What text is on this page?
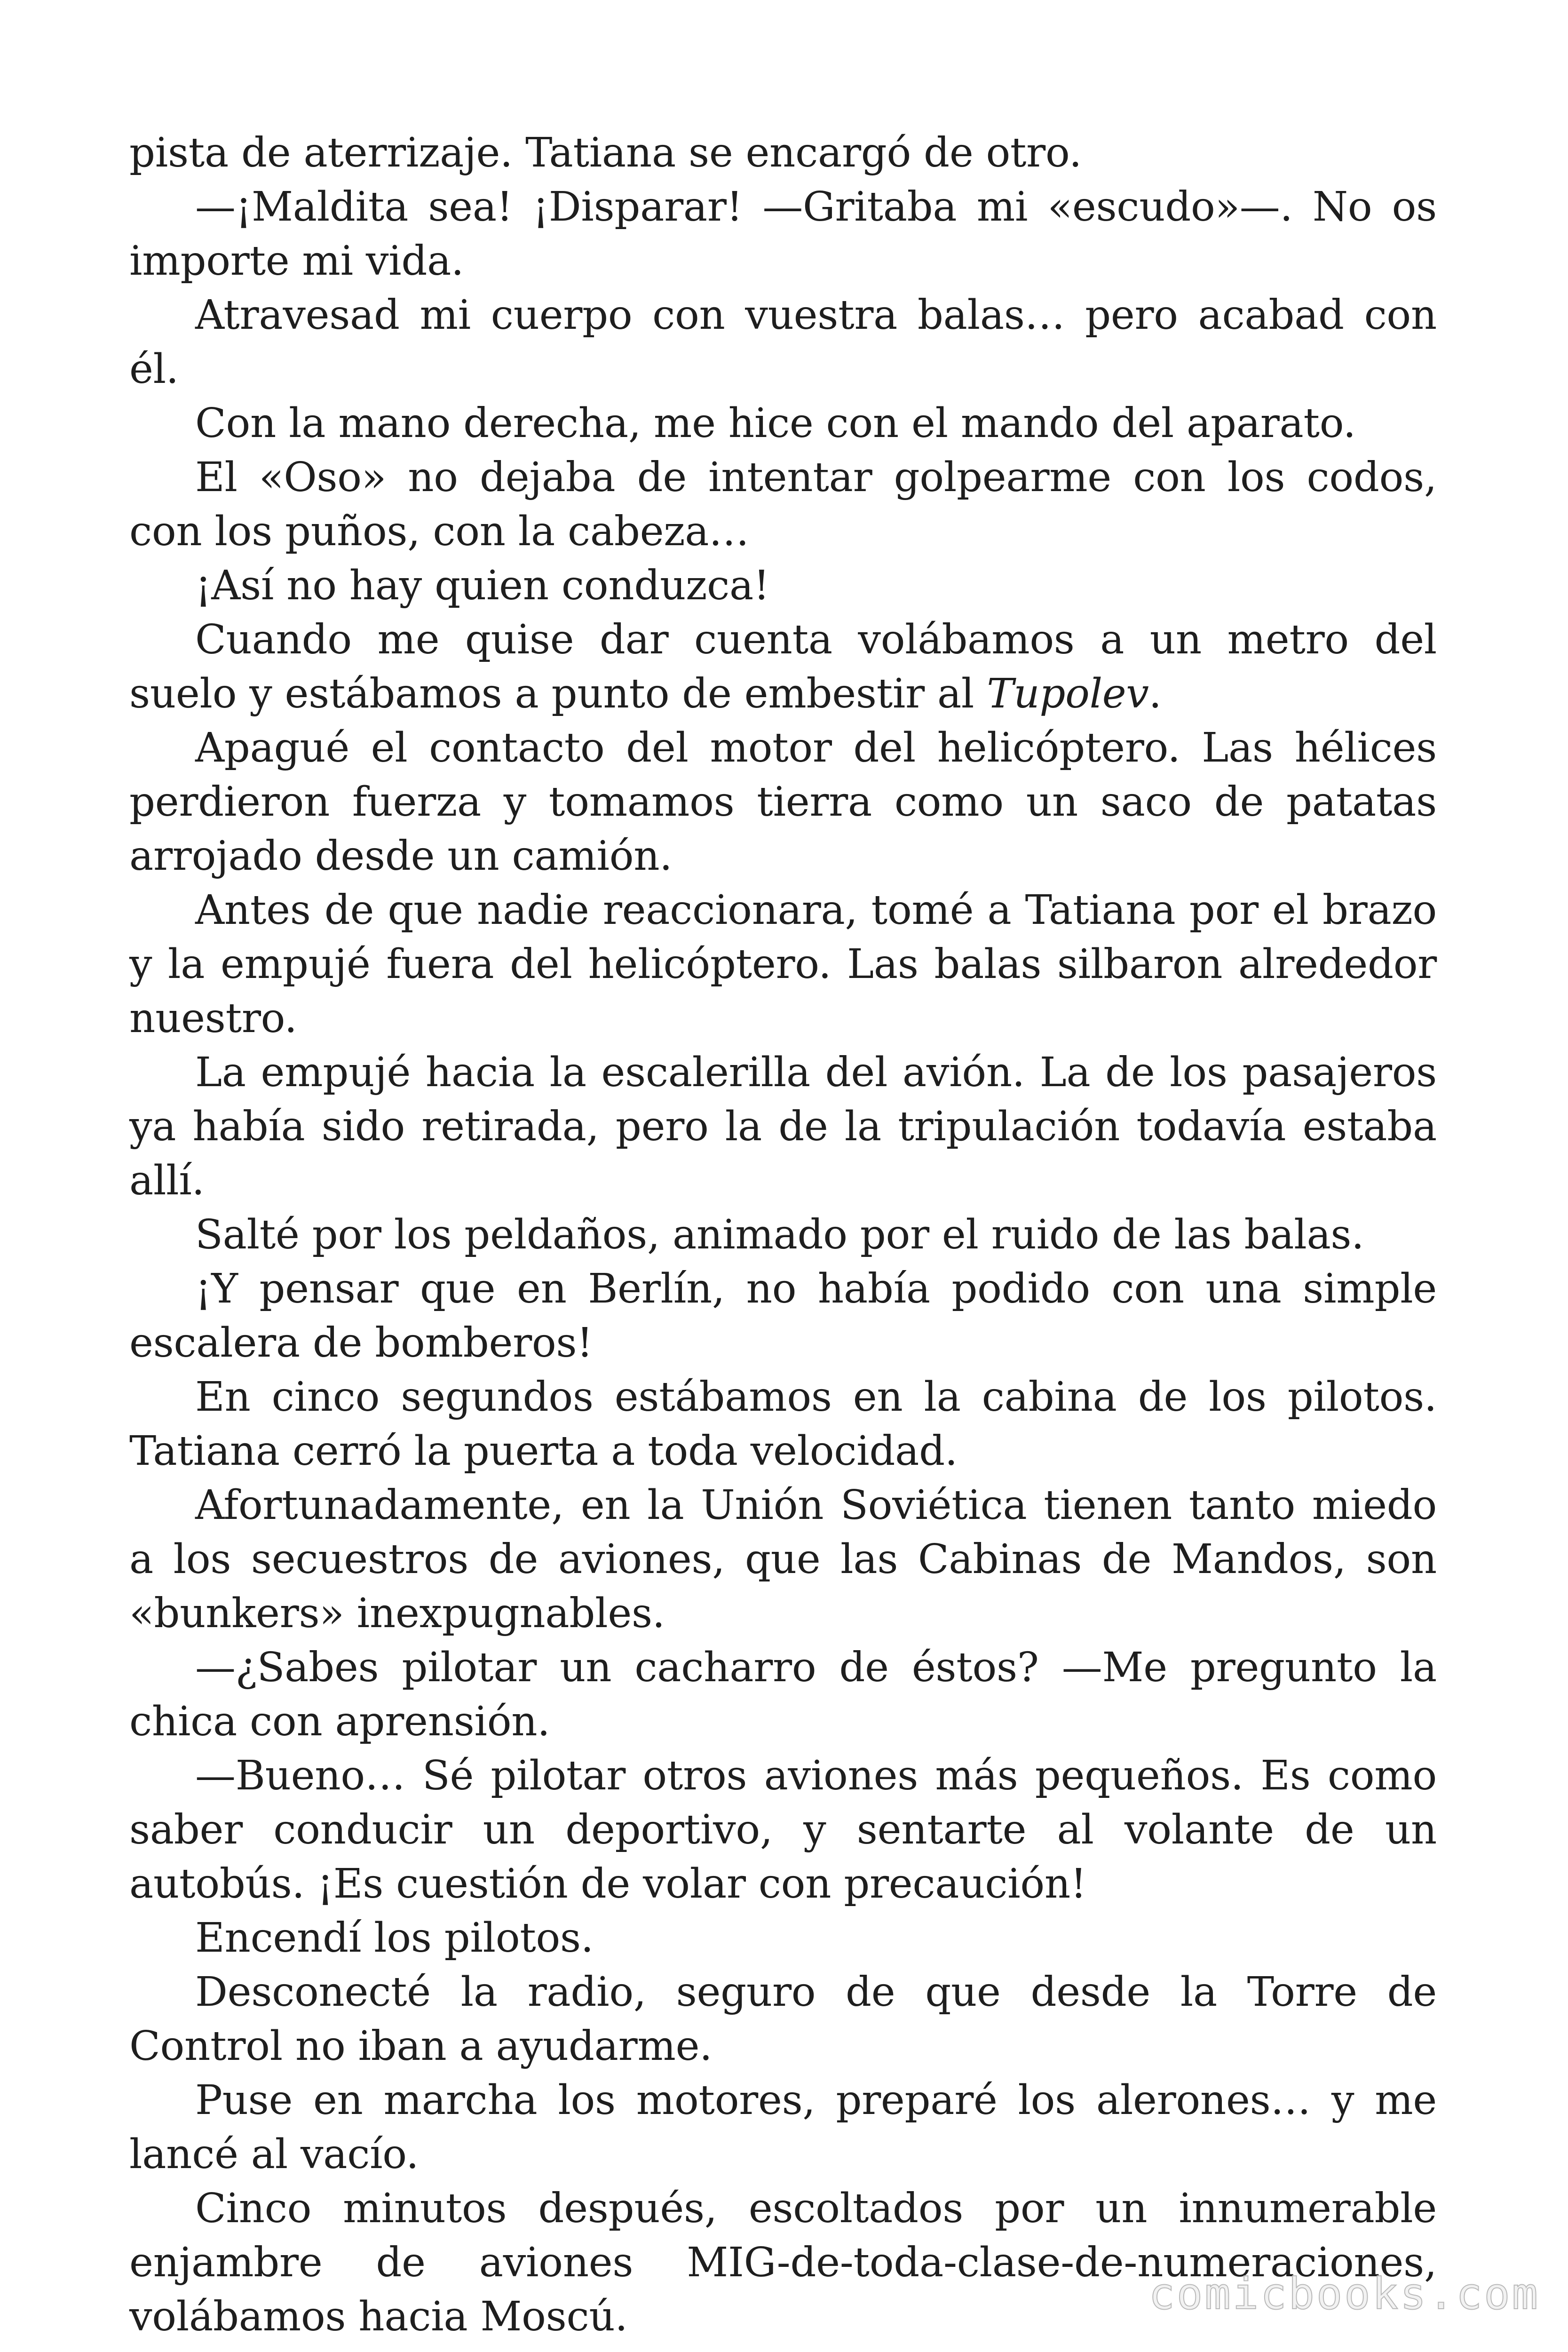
pista de aterrizaje. Tatiana se encargó de otro.

—¡Maldita sea! ¡Disparar! —Gritaba mi «escudo»—. No os importe mi vida.

Atravesad mi cuerpo con vuestra balas… pero acabad con él.

Con la mano derecha, me hice con el mando del aparato.

El «Oso» no dejaba de intentar golpearme con los codos, con los puños, con la cabeza…

¡Así no hay quien conduzca!

Cuando me quise dar cuenta volábamos a un metro del suelo y estábamos a punto de embestir al Tupolev.

Apagué el contacto del motor del helicóptero. Las hélices perdieron fuerza y tomamos tierra como un saco de patatas arrojado desde un camión.

Antes de que nadie reaccionara, tomé a Tatiana por el brazo y la empujé fuera del helicóptero. Las balas silbaron alrededor nuestro.

La empujé hacia la escalerilla del avión. La de los pasajeros ya había sido retirada, pero la de la tripulación todavía estaba allí.

Salté por los peldaños, animado por el ruido de las balas.

¡Y pensar que en Berlín, no había podido con una simple escalera de bomberos!

En cinco segundos estábamos en la cabina de los pilotos. Tatiana cerró la puerta a toda velocidad.

Afortunadamente, en la Unión Soviética tienen tanto miedo a los secuestros de aviones, que las Cabinas de Mandos, son «bunkers» inexpugnables.

—¿Sabes pilotar un cacharro de éstos? —Me pregunto la chica con aprensión.

—Bueno… Sé pilotar otros aviones más pequeños. Es como saber conducir un deportivo, y sentarte al volante de un autobús. ¡Es cuestión de volar con precaución!

Encendí los pilotos.

Desconecté la radio, seguro de que desde la Torre de Control no iban a ayudarme.

Puse en marcha los motores, preparé los alerones… y me lancé al vacío.

Cinco minutos después, escoltados por un innumerable enjambre de aviones MIG-de-toda-clase-de-numeraciones, volábamos hacia Moscú.	comicbooks.com
